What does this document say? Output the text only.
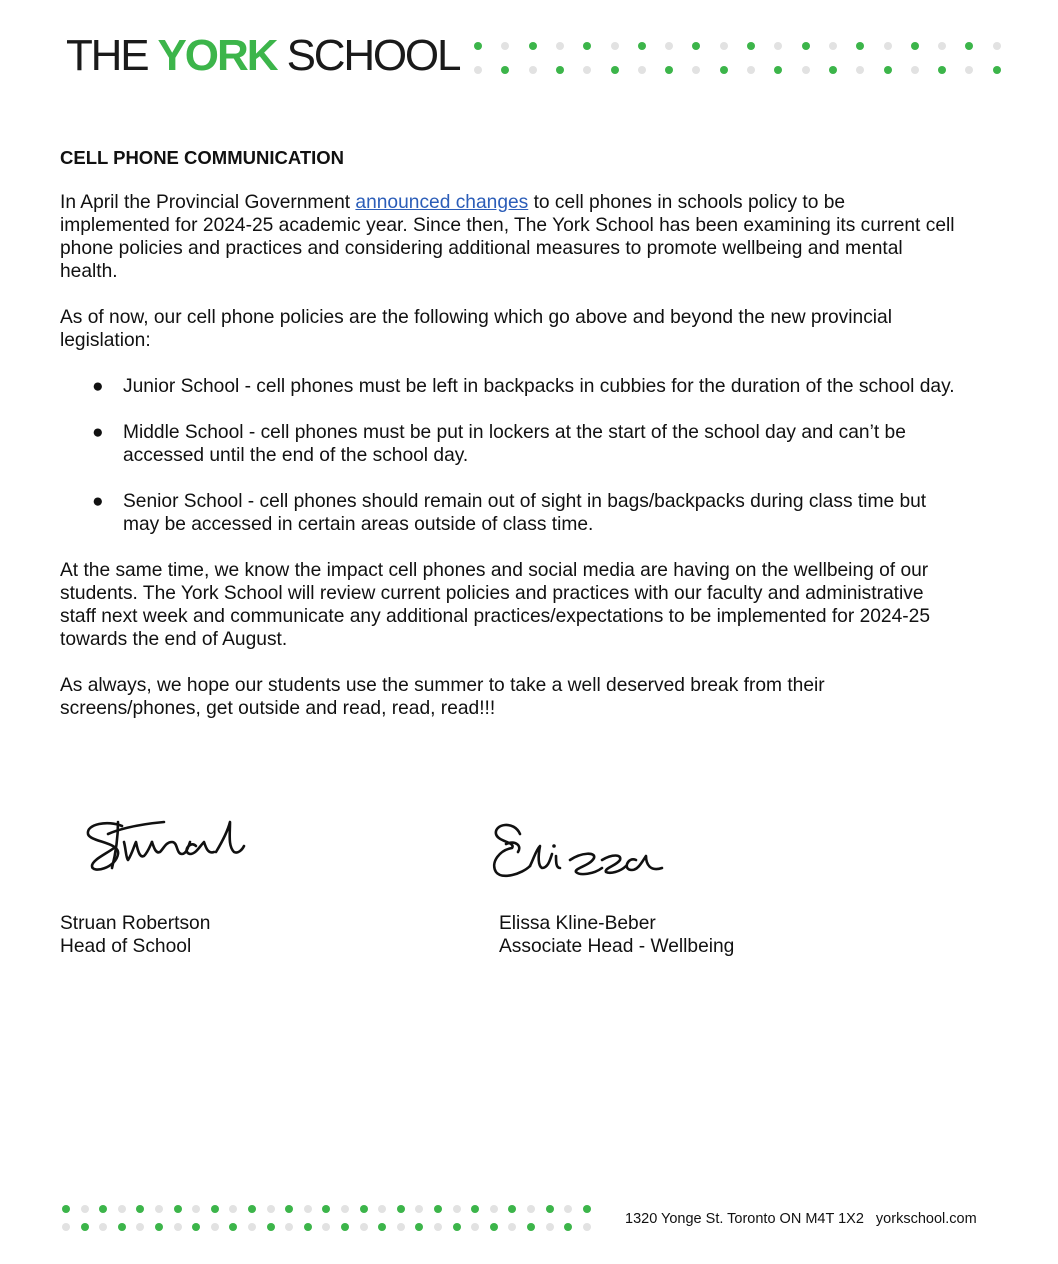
THE YORK SCHOOL
CELL PHONE COMMUNICATION

In April the Provincial Government announced changes to cell phones in schools policy to be implemented for 2024-25 academic year. Since then, The York School has been examining its current cell phone policies and practices and considering additional measures to promote wellbeing and mental health.

As of now, our cell phone policies are the following which go above and beyond the new provincial legislation:

● Junior School - cell phones must be left in backpacks in cubbies for the duration of the school day.
● Middle School - cell phones must be put in lockers at the start of the school day and can’t be accessed until the end of the school day.
● Senior School - cell phones should remain out of sight in bags/backpacks during class time but may be accessed in certain areas outside of class time.

At the same time, we know the impact cell phones and social media are having on the wellbeing of our students. The York School will review current policies and practices with our faculty and administrative staff next week and communicate any additional practices/expectations to be implemented for 2024-25 towards the end of August.

As always, we hope our students use the summer to take a well deserved break from their screens/phones, get outside and read, read, read!!!

Struan Robertson
Head of School
Elissa Kline-Beber
Associate Head - Wellbeing
1320 Yonge St. Toronto ON M4T 1X2 yorkschool.com
